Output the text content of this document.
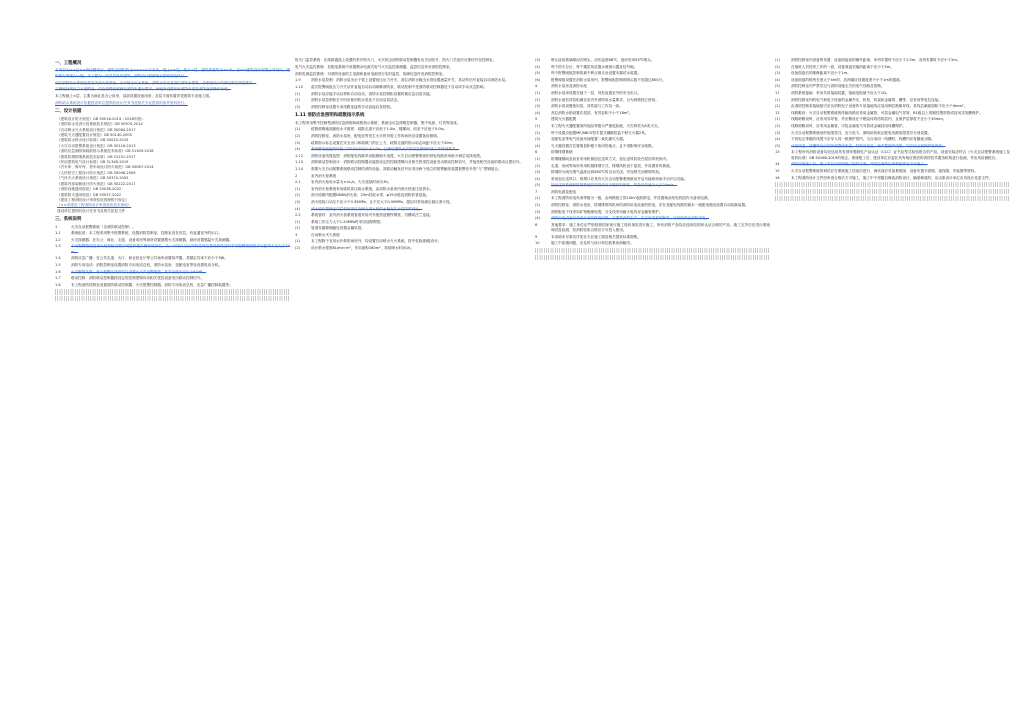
一、工程概况
本项目为××区××商住楼项目，建筑总面积约为×××××平方米，地上××层，地下×层，建筑高度约为××米，由××建筑设计有限公司设计，建筑耐火等级为一级。本工程为一类高层民用建筑，消防设计按照现行国家规范执行。
项目消防给水系统包括室内消火栓系统、自动喷水灭火系统、消防水泵房及高位消防水箱等，各系统设计均满足相关规范要求。
工程地处城区主干道附近，周边道路宽度满足消防车通行要求，场地内设置环形消防车道及消防登高操作场地。
本工程地上×层，主要为商业及办公用房，局部设置设备用房，各层平面布置详见建筑专业施工图。
消防给水系统设计依据建设单位提供的设计任务书及相关专业提供的条件资料进行。
二、设计依据
《建筑设计防火规范》GB 50016-2014（2018年版）
《消防给水及消火栓系统技术规范》GB 50974-2014
《自动喷水灭火系统设计规范》GB 50084-2017
《建筑灭火器配置设计规范》GB 50140-2005
《建筑给水排水设计标准》GB 50015-2019
《火灾自动报警系统设计规范》GB 50116-2013
《消防应急照明和疏散指示系统技术标准》GB 51309-2018
《建筑防烟排烟系统技术标准》GB 51251-2017
《民用建筑电气设计标准》GB 51348-2019
《汽车库、修车库、停车场设计防火规范》GB 50067-2014
《人民防空工程设计防火规范》GB 50098-2009
《气体灭火系统设计规范》GB 50370-2005
《建筑内部装修设计防火规范》GB 50222-2017
《消防设施通用规范》GB 55036-2022
《建筑防火通用规范》GB 55037-2022
《建设工程消防设计审查验收管理暂行规定》
《××省建设工程消防设计审查验收技术指南》
建设单位提供的设计任务书及相关批复文件
三、系统说明
1	火灾自动报警系统（含消防联动控制）。
1.1	系统组成：本工程采用集中报警系统，设置消防控制室，控制室设在首层，有直通室外的出口。
1.2	火灾探测器：在办公、商业、走道、设备用房等场所设置感烟火灾探测器，厨房设置感温火灾探测器。
1.3	手动报警按钮及消火栓按钮设置于明显和便于操作的部位，从一个防火分区内的任何位置到最邻近的手动报警按钮的步行距离不应大于30m。
1.4	消防应急广播：在公共走道、大厅、商业营业厅等公共场所设置扬声器，其额定功率不应小于3W。
1.5	消防专用电话：消防控制室设置消防专用电话总机，消防水泵房、变配电室等处设置电话分机。
1.6	火灾警报装置：每个报警区域内均匀设置火灾声光警报器，其声压级不应小于60dB。
1.7	联动控制：消防联动控制器按设定的控制逻辑向各相关受控设备发出联动控制信号。
1.8	本工程消防控制室设置消防联动控制器、火灾报警控制器、消防专用电话总机、应急广播控制装置等。
防火门监控系统：在疏散通道上设置的常开防火门，火灾时由消防联动控制器发出关闭信号，防火门关闭后反馈信号至控制室。
电气火灾监控系统：在配电系统中设置剩余电流式电气火灾监控探测器，监控信息传至消防控制室。
消防电源监控系统：对消防设备的主电源和备用电源进行实时监控，故障信息传至消防控制室。
1.9	消防水泵控制：消防水泵出水干管上设置低压压力开关，高位消防水箱出水管设置流量开关，其动作信号直接启动消防水泵。
1.10	湿式报警阀组压力开关动作直接自动启动喷淋消防泵，联动控制不受消防联动控制器处于自动或手动状态影响。
(1)	消防水泵应能手动启停和自动启动，消防水泵控制柜设置机械应急启泵功能。
(2)	消防水泵控制柜在平时应使消防水泵处于自动启泵状态。
(3)	消防控制室设置专用线路连接的手动直接启泵按钮。
1.11 消防应急照明和疏散指示系统
本工程采用集中控制型消防应急照明和疏散指示系统，系统由应急照明控制器、集中电源、灯具等组成。
(1)	疏散照明地面最低水平照度：疏散走道不应低于1.0lx，楼梯间、前室不应低于5.0lx。
(2)	消防控制室、消防水泵房、配电室等发生火灾时仍需工作的场所应设置备用照明。
(3)	疏散指示标志设置在安全出口和疏散门的正上方，疏散走道的指示标志间距不应大于20m。
(4)	系统蓄电池组的持续工作时间不应少于1.0h，且满足建筑火灾时应急照明持续工作时间要求。
1.12	消防设备线缆选型：消防配电线路采用阻燃耐火电缆，火灾自动报警系统的供电线路采用耐火铜芯电线电缆。
1.13	消防联动控制设计：消防联动控制器应能按设定的控制逻辑向各相关的受控设备发出联动控制信号，并接受相关设备的联动反馈信号。
1.14	需要火灾自动报警系统联动控制的消防设备，其联动触发信号应采用两个独立的报警触发装置报警信号的“与”逻辑组合。
2	室内消火栓系统
2.1	室内消火栓用水量为××L/s，火灾延续时间为3h。
(1)	室内消火栓系统采用临时高压给水系统，由消防水泵房内消火栓加压泵供水。
(2)	消火栓箱内配置DN65消火栓、25m衬胶水带、φ19水枪及消防软管卷盘。
(3)	消火栓栓口动压不应小于0.35MPa，且不应大于0.50MPa，超压时采用减压稳压消火栓。
(4)	消火栓布置保证同层任何部位有两支消火栓的水枪充实水柱同时到达。
2.2	系统管材：室内消火栓系统管道采用内外壁热浸镀锌钢管，沟槽或法兰连接。
(1)	系统工作压力大于1.20MPa时采用加厚钢管。
(2)	管道穿越伸缩缝处设置金属软管。
3	自动喷水灭火系统
(1)	本工程除不宜用水扑救的场所外，均设置自动喷水灭火系统，按中危险级Ⅰ级设计。
(2)	设计喷水强度8L/min·m²，作用面积160m²，持续喷水时间1h。
(3)	喷头选用玻璃球闭式喷头，动作温度68℃，厨房采用93℃喷头。
(4)	每个防火分区、每个楼层均设置水流指示器及信号阀。
(5)	每个报警阀组控制的最不利点喷头处设置末端试水装置。
(6)	报警阀组设置在消防水泵房内，报警阀组控制的喷头数不宜超过800只。
4	消防水泵房及消防水池
(1)	消防水泵房设置在地下一层，设有直通室外的安全出口。
(2)	消防水池有效容积满足室内外消防用水量要求，分为两格独立使用。
(3)	消防水泵设置备用泵，其性能与工作泵一致。
(4)	高位消防水箱设置在屋顶，有效容积不小于18m³。
5	建筑灭火器配置
(1)	本工程灭火器配置场所危险等级为严重危险级，火灾种类为A类火灾。
(2)	每个设置点配置MF/ABC5型手提式磷酸铵盐干粉灭火器2具。
(3)	变配电室等电气设备房间配置二氧化碳灭火器。
(4)	灭火器设置在位置明显和便于取用的地点，且不得影响安全疏散。
6	防烟排烟系统
(1)	防烟楼梯间及前室采用机械加压送风方式，加压送风机设在屋顶风机房内。
(2)	走道、房间等场所采用机械排烟方式，排烟风机设于屋顶，并设置补风系统。
(3)	排烟防火阀在烟气温度达到280℃时自动关闭，并连锁关闭排烟风机。
(4)	常闭加压送风口、排烟口应具有火灾自动报警系统联动开启功能和现场手动开启功能。
(5)	加压送风系统和排烟系统的风管采用不燃材料制作，风管内风速不大于20m/s。
7	消防电源及配电
(1)	本工程消防用电负荷等级为一级，由两路独立的10kV电源供电，并设置柴油发电机组作为备用电源。
(2)	消防控制室、消防水泵房、防烟排烟风机房的消防用电设备的供电，应在其配电线路的最末一级配电箱处设置自动切换装置。
(3)	消防配电干线采用矿物绝缘电缆，分支线采用耐火电线穿金属管保护。
(4)	消防用电设备应采用专用的供电回路，当建筑内的生产、生活用电被切断时，应仍能保证消防用电。
8	其他要求：施工单位应严格按照国家现行施工验收规范进行施工，所有消防产品均应选用经国家认证合格的产品，施工完毕后应进行系统调试及检测，经消防验收合格后方可投入使用。
9	本说明未尽事宜详见各专业施工图及相关国家标准图集。
10	施工中如遇问题，应及时与设计单位联系协商解决。
(1)	消防控制室内设备的布置：设备面盘前的操作距离，单列布置时不应小于1.5m，双列布置时不应小于2m。
(2)	在值班人员经常工作的一面，设备面盘至墙的距离不应小于3m。
(3)	设备面盘后的维修距离不宜小于1m。
(4)	设备面盘的排列长度大于4m时，其两端应设置宽度不小于1m的通道。
(5)	消防控制室内严禁穿过与消防设施无关的电气线路及管路。
11	消防系统接地：采用共用接地装置，接地电阻值不应大于1Ω。
(1)	消防控制室内的电气和电子设备的金属外壳、机柜、机架和金属管、槽等，应采用等电位连接。
(2)	由消防控制室接地板引至各消防电子设备的专用接地线应选用铜芯绝缘导线，其线芯截面面积不应小于4mm²。
12	线路敷设：火灾自动报警系统的传输线路应采用金属管、可挠金属电气导管、B1级以上的刚性塑料管或封闭式线槽保护。
(1)	线路暗敷设时，应采用穿导管，并应敷设在不燃烧体的结构层内，且保护层厚度不宜小于30mm。
(2)	线路明敷设时，应采用金属管、可挠金属电气导管或金属封闭线槽保护。
(3)	火灾自动报警系统用的电缆竖井，宜与电力、照明用的低压配电线路电缆竖井分别设置。
(4)	不同电压等级的线缆不应穿入同一根保护管内，当合用同一线槽时，线槽内应有隔板分隔。
(5)	从接线盒、线槽等处引到探测器底座盒、控制设备盒、扬声器箱的线路，均应加金属保护管保护。
13	本工程所有消防设备均应选用具有国家强制性产品认证（CCC）证书及型式检验报告的产品，设备安装应符合《火灾自动报警系统施工及验收标准》GB 50166-2019的规定。系统竣工后，建设单位应委托具有相应资质的消防技术服务机构进行检测，并出具检测报告。
14	消防设施施工前，施工单位应编制施工组织方案，并经监理单位审核批准后方可施工。
15	火灾自动报警系统的调试应在系统施工结束后进行，调试前应具备系统图、设备布置平面图、接线图、安装图等资料。
16	本工程消防设计文件经审查合格后方可施工，施工中不得擅自修改消防设计，确需修改的，应由原设计单位出具设计变更文件。
